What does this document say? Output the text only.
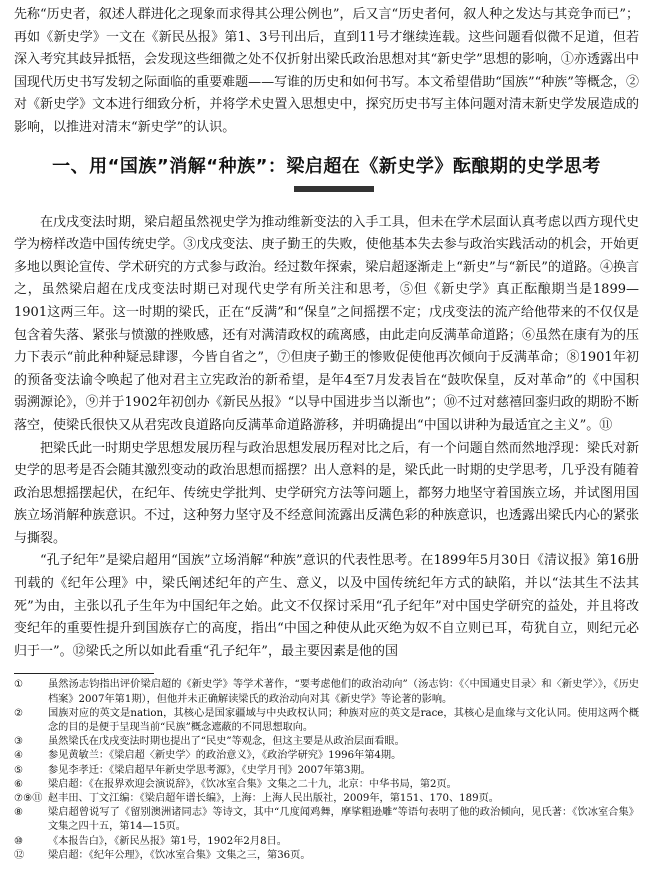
先称“历史者，叙述人群进化之现象而求得其公理公例也”，后又言“历史者何，叙人种之发达与其竞争而已”；再如《新史学》一文在《新民丛报》第1、3号刊出后，直到11号才继续连载。这些问题看似微不足道，但若深入考究其歧异抵牾，会发现这些细微之处不仅折射出梁氏政治思想对其“新史学”思想的影响，①亦透露出中国现代历史书写发轫之际面临的重要难题——写谁的历史和如何书写。本文希望借助“国族”“种族”等概念，②对《新史学》文本进行细致分析，并将学术史置入思想史中，探究历史书写主体问题对清末新史学发展造成的影响，以推进对清末“新史学”的认识。

一、用“国族”消解“种族”：梁启超在《新史学》酝酿期的史学思考

在戊戌变法时期，梁启超虽然视史学为推动维新变法的入手工具，但未在学术层面认真考虑以西方现代史学为榜样改造中国传统史学。③戊戌变法、庚子勤王的失败，使他基本失去参与政治实践活动的机会，开始更多地以舆论宣传、学术研究的方式参与政治。经过数年探索，梁启超逐渐走上“新史”与“新民”的道路。④换言之，虽然梁启超在戊戌变法时期已对现代史学有所关注和思考，⑤但《新史学》真正酝酿期当是1899—1901这两三年。这一时期的梁氏，正在“反满”和“保皇”之间摇摆不定；戊戌变法的流产给他带来的不仅仅是包含着失落、紧张与愤激的挫败感，还有对满清政权的疏离感，由此走向反满革命道路；⑥虽然在康有为的压力下表示“前此种种疑忌肆谬，今皆自省之”，⑦但庚子勤王的惨败促使他再次倾向于反满革命；⑧1901年初的预备变法谕令唤起了他对君主立宪政治的新希望，是年4至7月发表旨在“鼓吹保皇，反对革命”的《中国积弱溯源论》，⑨并于1902年初创办《新民丛报》“以导中国进步当以渐也”；⑩不过对慈禧回銮归政的期盼不断落空，使梁氏很快又从君宪改良道路向反满革命道路游移，并明确提出“中国以讲种为最适宜之主义”。⑪

把梁氏此一时期史学思想发展历程与政治思想发展历程对比之后，有一个问题自然而然地浮现：梁氏对新史学的思考是否会随其激烈变动的政治思想而摇摆？出人意料的是，梁氏此一时期的史学思考，几乎没有随着政治思想摇摆起伏，在纪年、传统史学批判、史学研究方法等问题上，都努力地坚守着国族立场，并试图用国族立场消解种族意识。不过，这种努力坚守及不经意间流露出反满色彩的种族意识，也透露出梁氏内心的紧张与撕裂。

“孔子纪年”是梁启超用“国族”立场消解“种族”意识的代表性思考。在1899年5月30日《清议报》第16册刊载的《纪年公理》中，梁氏阐述纪年的产生、意义，以及中国传统纪年方式的缺陷，并以“法其生不法其死”为由，主张以孔子生年为中国纪年之始。此文不仅探讨采用“孔子纪年”对中国史学研究的益处，并且将改变纪年的重要性提升到国族存亡的高度，指出“中国之种使从此灭绝为奴不自立则已耳，苟犹自立，则纪元必归于一”。⑫梁氏之所以如此看重“孔子纪年”，最主要因素是他的国

①	虽然汤志钧指出评价梁启超的《新史学》等学术著作，“要考虑他们的政治动向”（汤志钧：《〈中国通史目录〉和〈新史学〉》，《历史档案》2007年第1期），但他并未正确解读梁氏的政治动向对其《新史学》等论著的影响。
②	国族对应的英文是nation，其核心是国家疆域与中央政权认同；种族对应的英文是race，其核心是血缘与文化认同。使用这两个概念的目的是便于呈现当前“民族”概念遮蔽的不同思想取向。
③	虽然梁氏在戊戌变法时期也提出了“民史”等观念，但这主要是从政治层面看眼。
④	参见黄敏兰：《梁启超〈新史学〉的政治意义》，《政治学研究》1996年第4期。
⑤	参见李孝迁：《梁启超早年新史学思考源》，《史学月刊》2007年第3期。
⑥	梁启超：《在报界欢迎会演说辞》，《饮冰室合集》文集之二十九，北京：中华书局，第2页。
⑦⑨⑪ 赵丰田、丁文江编：《梁启超年谱长编》，上海：上海人民出版社，2009年，第151、170、189页。
⑧	梁启超曾说写了《留别澳洲诸同志》等诗文，其中“几度闻鸡舞，摩挲粗逊雕”等语句表明了他的政治倾向，见氏著：《饮冰室合集》文集之四十五，第14—15页。
⑩	《本报告白》，《新民丛报》第1号，1902年2月8日。
⑫	梁启超：《纪年公理》，《饮冰室合集》文集之三，第36页。
